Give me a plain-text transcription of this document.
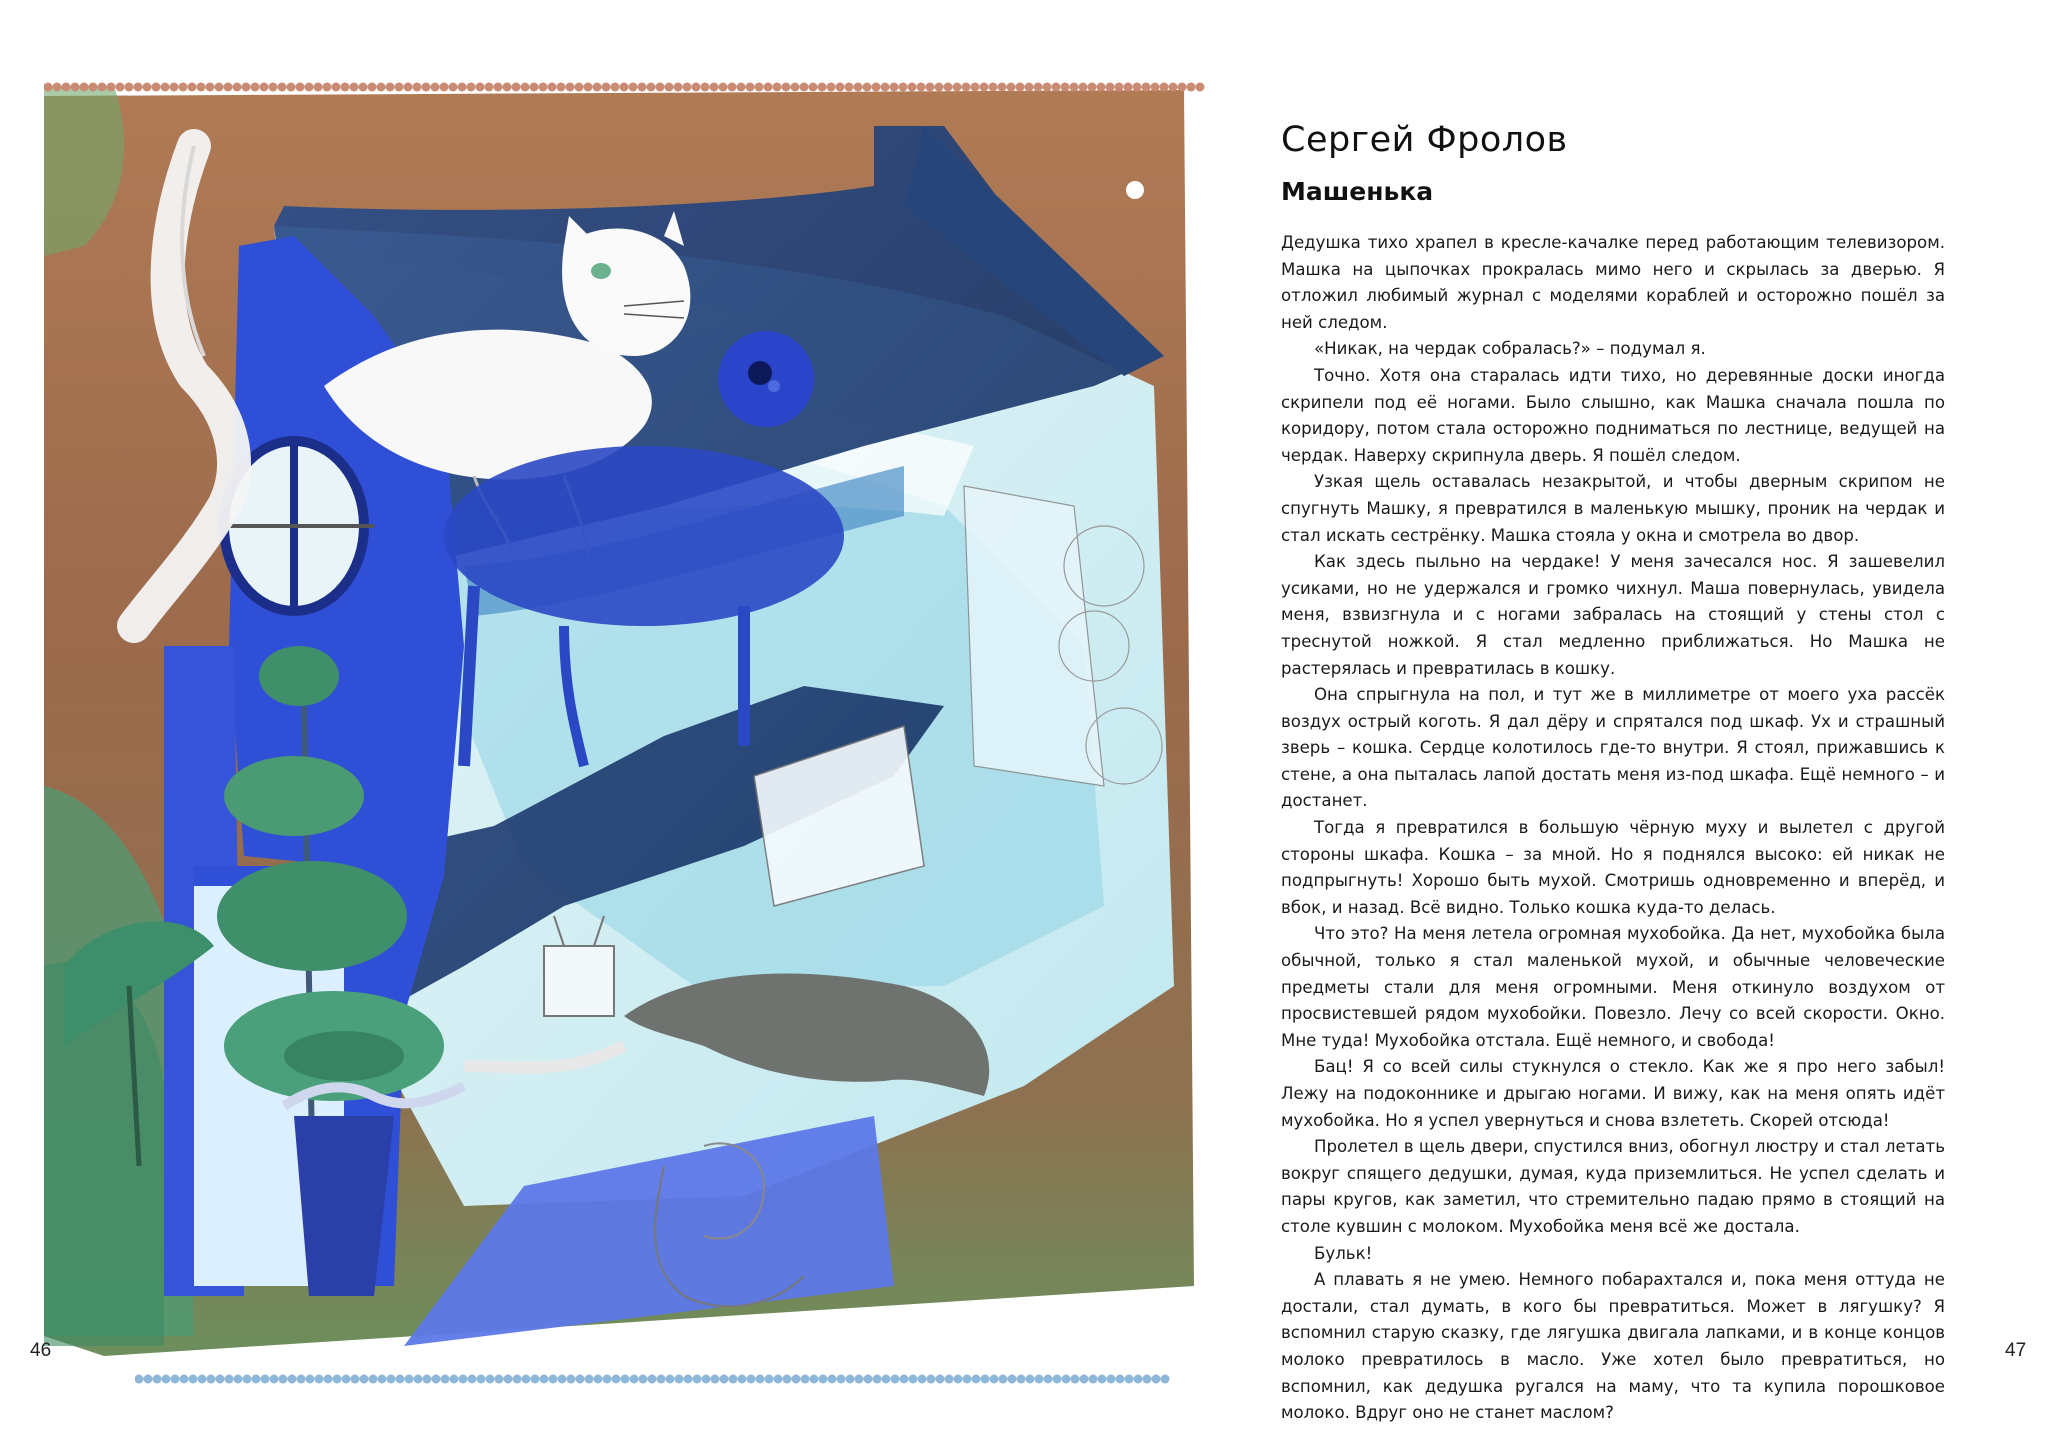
46	47
Сергей Фролов
Машенька

Дедушка тихо храпел в кресле-качалке перед работающим телевизором. Машка на цыпочках прокралась мимо него и скрылась за дверью. Я отложил любимый журнал с моделями кораблей и осторожно пошёл за ней следом.

«Никак, на чердак собралась?» – подумал я.

Точно. Хотя она старалась идти тихо, но деревянные доски иногда скрипели под её ногами. Было слышно, как Машка сначала пошла по коридору, потом стала осторожно подниматься по лестнице, ведущей на чердак. Наверху скрипнула дверь. Я пошёл следом.

Узкая щель оставалась незакрытой, и чтобы дверным скрипом не спугнуть Машку, я превратился в маленькую мышку, проник на чердак и стал искать сестрёнку. Машка стояла у окна и смотрела во двор.

Как здесь пыльно на чердаке! У меня зачесался нос. Я зашевелил усиками, но не удержался и громко чихнул. Маша повернулась, увидела меня, взвизгнула и с ногами забралась на стоящий у стены стол с треснутой ножкой. Я стал медленно приближаться. Но Машка не растерялась и превратилась в кошку.

Она спрыгнула на пол, и тут же в миллиметре от моего уха рассёк воздух острый коготь. Я дал дёру и спрятался под шкаф. Ух и страшный зверь – кошка. Сердце колотилось где-то внутри. Я стоял, прижавшись к стене, а она пыталась лапой достать меня из-под шкафа. Ещё немного – и достанет.

Тогда я превратился в большую чёрную муху и вылетел с другой стороны шкафа. Кошка – за мной. Но я поднялся высоко: ей никак не подпрыгнуть! Хорошо быть мухой. Смотришь одновременно и вперёд, и вбок, и назад. Всё видно. Только кошка куда-то делась.

Что это? На меня летела огромная мухобойка. Да нет, мухобойка была обычной, только я стал маленькой мухой, и обычные человеческие предметы стали для меня огромными. Меня откинуло воздухом от просвистевшей рядом мухобойки. Повезло. Лечу со всей скорости. Окно. Мне туда! Мухобойка отстала. Ещё немного, и свобода!

Бац! Я со всей силы стукнулся о стекло. Как же я про него забыл! Лежу на подоконнике и дрыгаю ногами. И вижу, как на меня опять идёт мухобойка. Но я успел увернуться и снова взлететь. Скорей отсюда!

Пролетел в щель двери, спустился вниз, обогнул люстру и стал летать вокруг спящего дедушки, думая, куда приземлиться. Не успел сделать и пары кругов, как заметил, что стремительно падаю прямо в стоящий на столе кувшин с молоком. Мухобойка меня всё же достала.

Бульк!

А плавать я не умею. Немного побарахтался и, пока меня оттуда не достали, стал думать, в кого бы превратиться. Может в лягушку? Я вспомнил старую сказку, где лягушка двигала лапками, и в конце концов молоко превратилось в масло. Уже хотел было превратиться, но вспомнил, как дедушка ругался на маму, что та купила порошковое молоко. Вдруг оно не станет маслом?
